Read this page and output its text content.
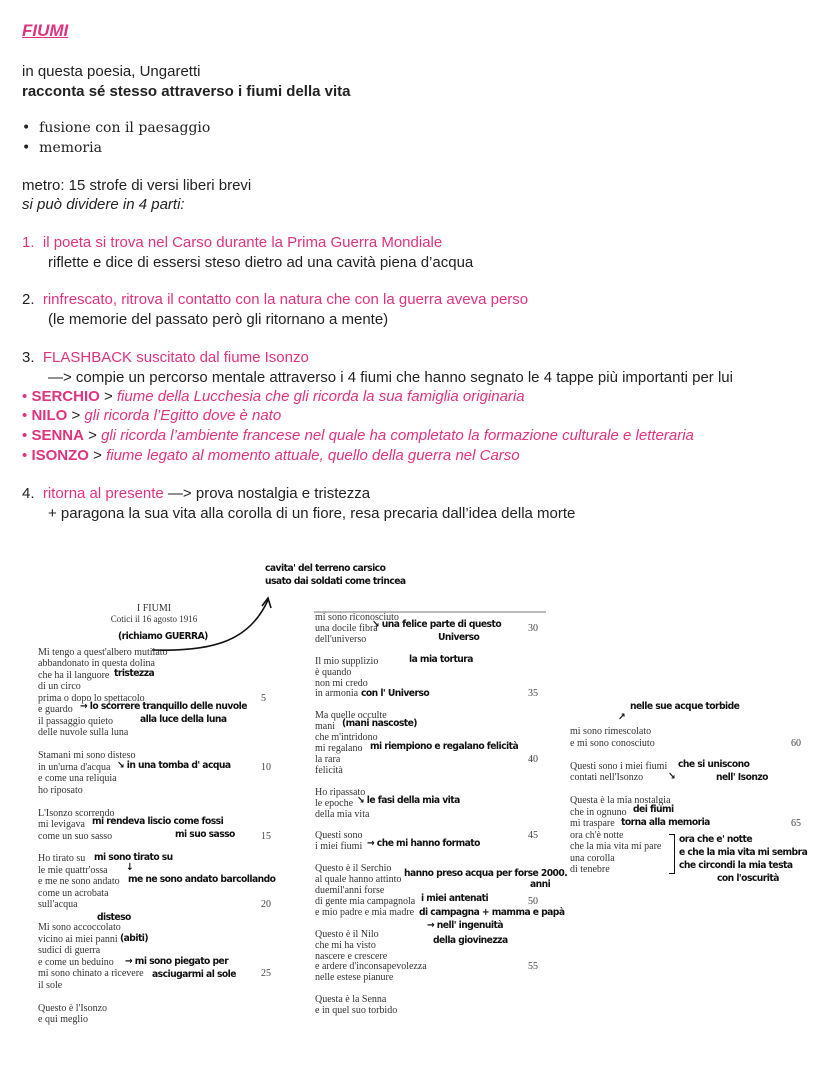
FIUMI
in questa poesia, Ungaretti
racconta sé stesso attraverso i fiumi della vita
•  fusione con il paesaggio
•  memoria
metro: 15 strofe di versi liberi brevi
si può dividere in 4 parti:
1. il poeta si trova nel Carso durante la Prima Guerra Mondiale
riflette e dice di essersi steso dietro ad una cavità piena d’acqua
2. rinfrescato, ritrova il contatto con la natura che con la guerra aveva perso
(le memorie del passato però gli ritornano a mente)
3. FLASHBACK suscitato dal fiume Isonzo
—> compie un percorso mentale attraverso i 4 fiumi che hanno segnato le 4 tappe più importanti per lui
• SERCHIO > fiume della Lucchesia che gli ricorda la sua famiglia originaria
• NILO > gli ricorda l’Egitto dove è nato
• SENNA > gli ricorda l’ambiente francese nel quale ha completato la formazione culturale e letteraria
• ISONZO > fiume legato al momento attuale, quello della guerra nel Carso
4. ritorna al presente —> prova nostalgia e tristezza
+ paragona la sua vita alla corolla di un fiore, resa precaria dall’idea della morte
I FIUMI
Cotici il 16 agosto 1916
Mi tengo a quest'albero mutilato
abbandonato in questa dolina
che ha il languore
di un circo
prima o dopo lo spettacolo
e guardo
il passaggio quieto
delle nuvole sulla luna
Stamani mi sono disteso
in un'urna d'acqua
e come una reliquia
ho riposato
L'Isonzo scorrendo
mi levigava
come un suo sasso
Ho tirato su
le mie quattr'ossa
e me ne sono andato
come un acrobata
sull'acqua
Mi sono accoccolato
vicino ai miei panni
sudici di guerra
e come un beduino
mi sono chinato a ricevere
il sole
Questo è l'Isonzo
e qui meglio
5
10
15
20
25
mi sono riconosciuto
una docile fibra
dell'universo
Il mio supplizio
è quando
non mi credo
in armonia
Ma quelle occulte
mani
che m'intridono
mi regalano
la rara
felicità
Ho ripassato
le epoche
della mia vita
Questi sono
i miei fiumi
Questo è il Serchio
al quale hanno attinto
duemil'anni forse
di gente mia campagnola
e mio padre e mia madre
Questo è il Nilo
che mi ha visto
nascere e crescere
e ardere d'inconsapevolezza
nelle estese pianure
Questa è la Senna
e in quel suo torbido
30
35
40
45
50
55
mi sono rimescolato
e mi sono conosciuto
Questi sono i miei fiumi
contati nell'Isonzo
Questa è la mia nostalgia
che in ognuno
mi traspare
ora ch'è notte
che la mia vita mi pare
una corolla
di tenebre
60
65
cavita' del terreno carsico
usato dai soldati come trincea
(richiamo GUERRA)
tristezza
→ lo scorrere tranquillo delle nuvole
alla luce della luna
↘ in una tomba d' acqua
mi rendeva liscio come fossi
mi suo sasso
mi sono tirato su
↓
me ne sono andato barcollando
disteso
(abiti)
→ mi sono piegato per
asciugarmi al sole
↘ una felice parte di questo
Universo
la mia tortura
con l' Universo
(mani nascoste)
mi riempiono e regalano felicità
↘ le fasi della mia vita
→ che mi hanno formato
hanno preso acqua per forse 2000.
anni
i miei antenati
di campagna + mamma e papà
→ nell' ingenuità
della giovinezza
nelle sue acque torbide
↗
che si uniscono
↘	nell' Isonzo
dei fiumi
torna alla memoria
ora che e' notte
e che la mia vita mi sembra
che circondi la mia testa
con l'oscurità
